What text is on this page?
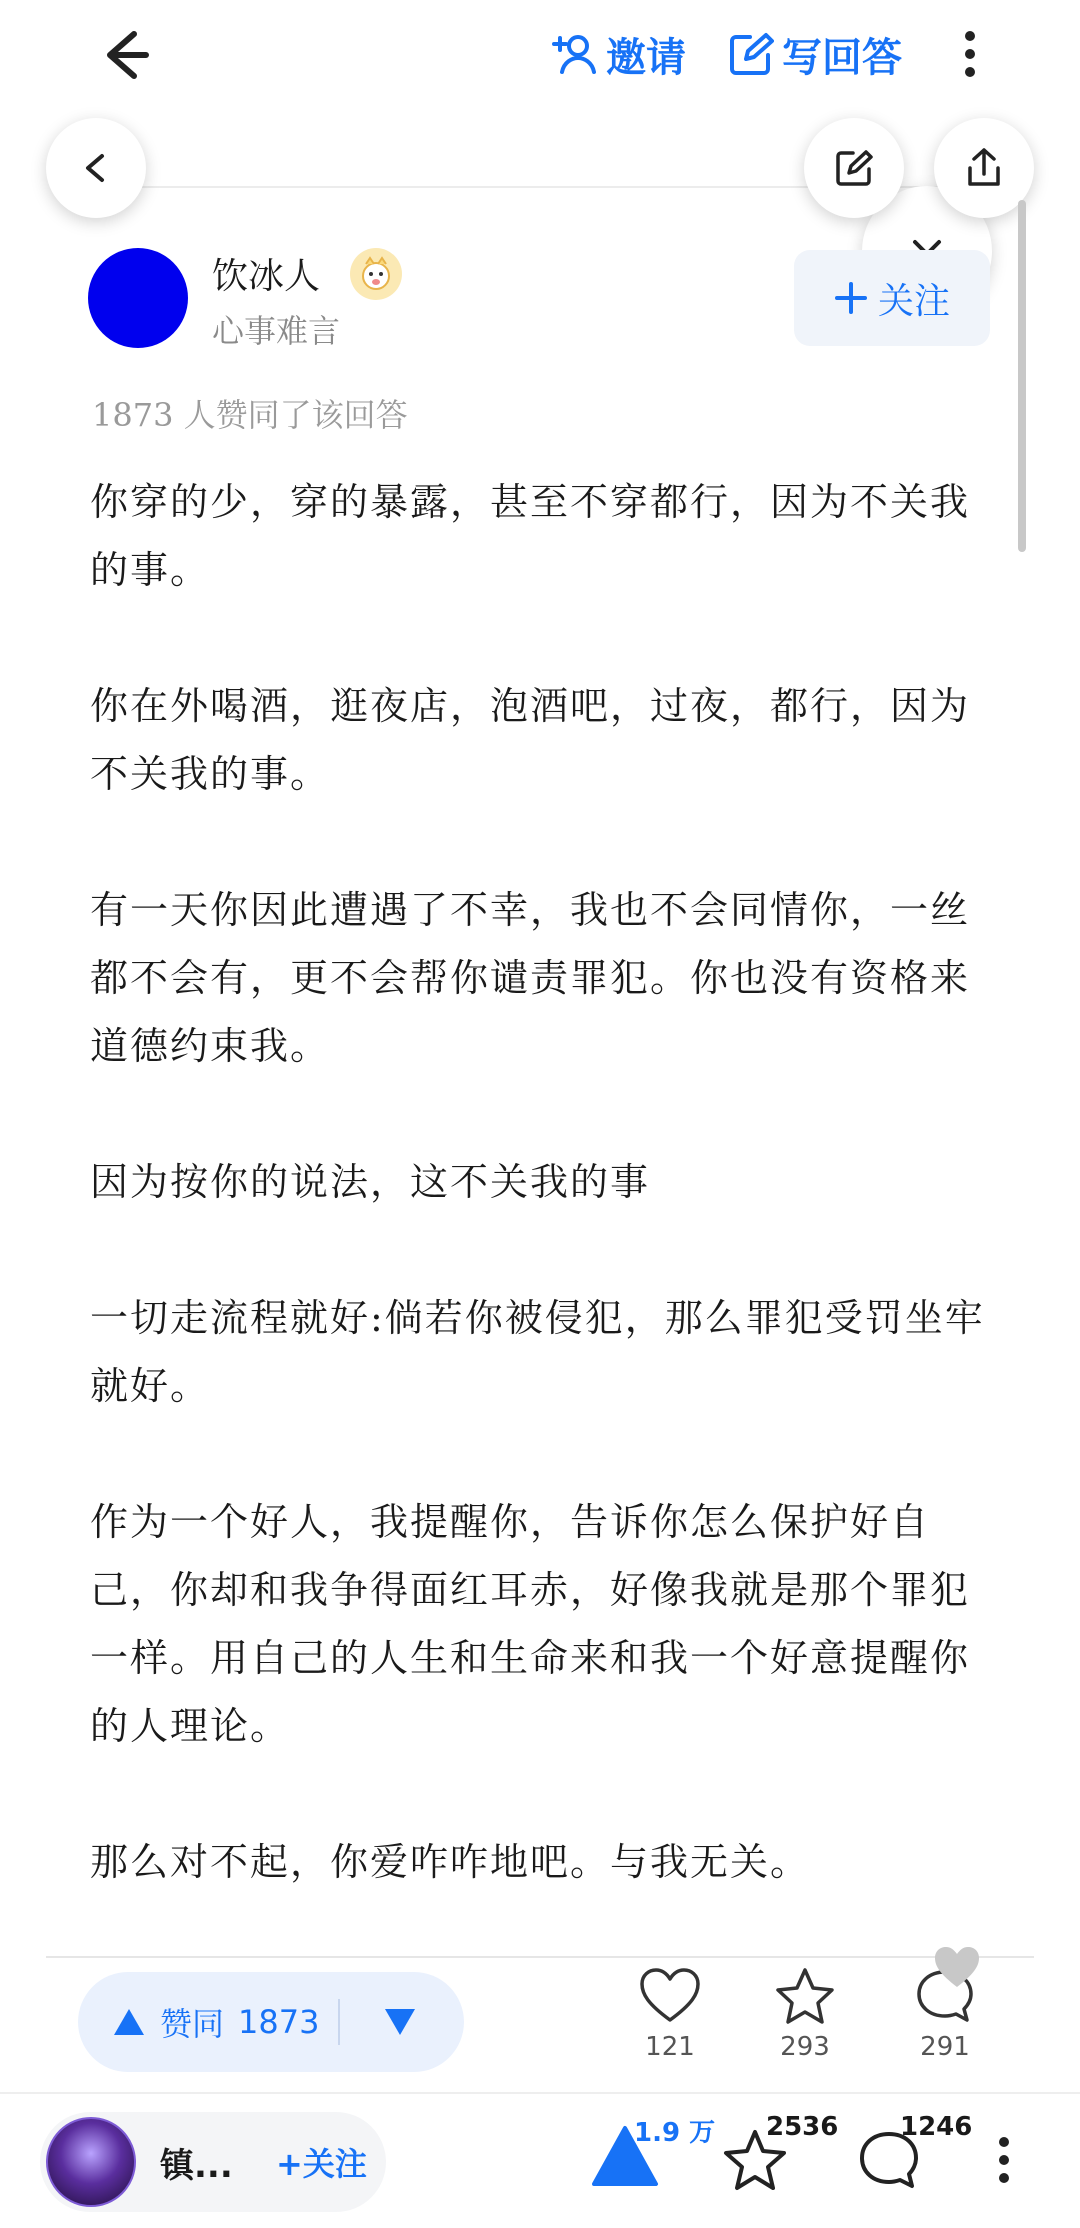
邀请 写回答
饮冰人
心事难言
关注
1873 人赞同了该回答

你穿的少，穿的暴露，甚至不穿都行，因为不关我的事。

你在外喝酒，逛夜店，泡酒吧，过夜，都行，因为不关我的事。

有一天你因此遭遇了不幸，我也不会同情你，一丝都不会有，更不会帮你谴责罪犯。你也没有资格来道德约束我。

因为按你的说法，这不关我的事

一切走流程就好:倘若你被侵犯，那么罪犯受罚坐牢就好。

作为一个好人，我提醒你，告诉你怎么保护好自己，你却和我争得面红耳赤，好像我就是那个罪犯一样。用自己的人生和生命来和我一个好意提醒你的人理论。

那么对不起，你爱咋咋地吧。与我无关。

赞同 1873
121	293	291
镇...	+关注
1.9 万 2536 1246
